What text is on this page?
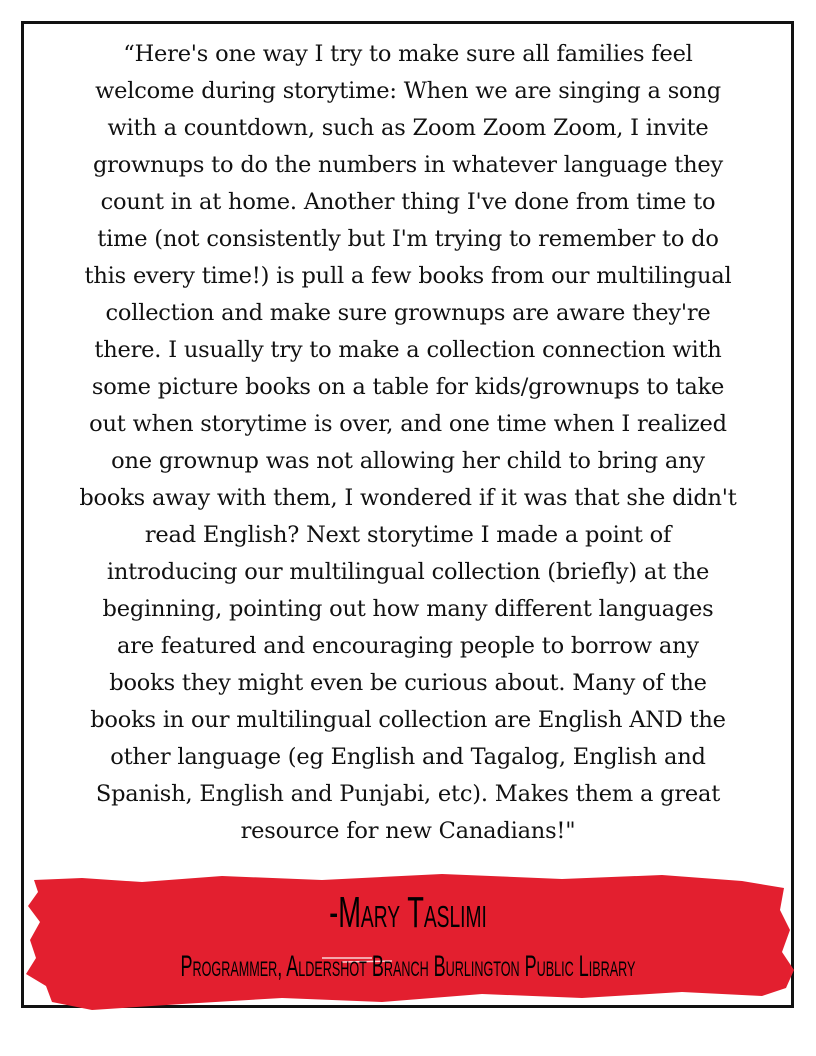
“Here's one way I try to make sure all families feel
welcome during storytime: When we are singing a song
with a countdown, such as Zoom Zoom Zoom, I invite
grownups to do the numbers in whatever language they
count in at home. Another thing I've done from time to
time (not consistently but I'm trying to remember to do
this every time!) is pull a few books from our multilingual
collection and make sure grownups are aware they're
there. I usually try to make a collection connection with
some picture books on a table for kids/grownups to take
out when storytime is over, and one time when I realized
one grownup was not allowing her child to bring any
books away with them, I wondered if it was that she didn't
read English? Next storytime I made a point of
introducing our multilingual collection (briefly) at the
beginning, pointing out how many different languages
are featured and encouraging people to borrow any
books they might even be curious about. Many of the
books in our multilingual collection are English AND the
other language (eg English and Tagalog, English and
Spanish, English and Punjabi, etc). Makes them a great
resource for new Canadians!"
-Mary Taslimi
Programmer, Aldershot Branch Burlington Public Library
